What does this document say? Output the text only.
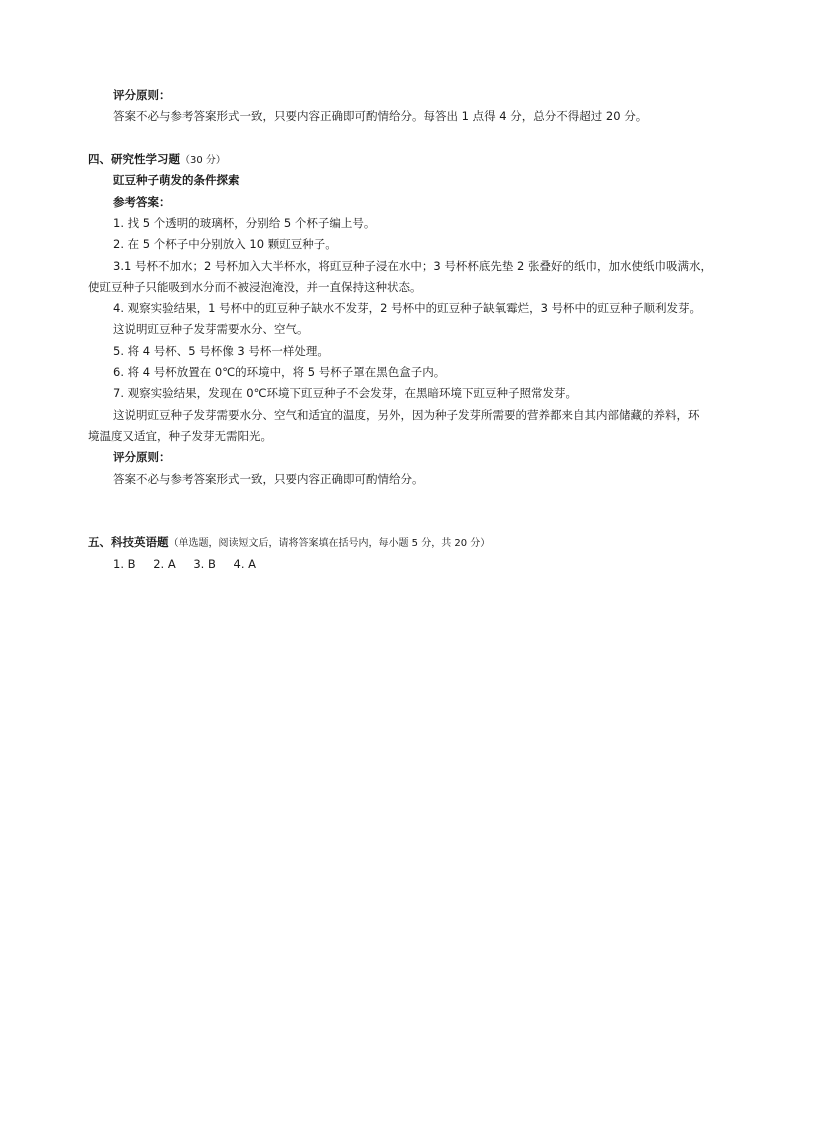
评分原则：
答案不必与参考答案形式一致，只要内容正确即可酌情给分。每答出 1 点得 4 分，总分不得超过 20 分。
四、研究性学习题（30 分）
豇豆种子萌发的条件探索
参考答案：
1. 找 5 个透明的玻璃杯，分别给 5 个杯子编上号。
2. 在 5 个杯子中分别放入 10 颗豇豆种子。
3.1 号杯不加水；2 号杯加入大半杯水，将豇豆种子浸在水中；3 号杯杯底先垫 2 张叠好的纸巾，加水使纸巾吸满水，
使豇豆种子只能吸到水分而不被浸泡淹没，并一直保持这种状态。
4. 观察实验结果，1 号杯中的豇豆种子缺水不发芽，2 号杯中的豇豆种子缺氧霉烂，3 号杯中的豇豆种子顺利发芽。
这说明豇豆种子发芽需要水分、空气。
5. 将 4 号杯、5 号杯像 3 号杯一样处理。
6. 将 4 号杯放置在 0℃的环境中，将 5 号杯子罩在黑色盒子内。
7. 观察实验结果，发现在 0℃环境下豇豆种子不会发芽，在黑暗环境下豇豆种子照常发芽。
这说明豇豆种子发芽需要水分、空气和适宜的温度，另外，因为种子发芽所需要的营养都来自其内部储藏的养料，环
境温度又适宜，种子发芽无需阳光。
评分原则：
答案不必与参考答案形式一致，只要内容正确即可酌情给分。
五、科技英语题（单选题，阅读短文后，请将答案填在括号内，每小题 5 分，共 20 分）
1. B 2. A 3. B 4. A
